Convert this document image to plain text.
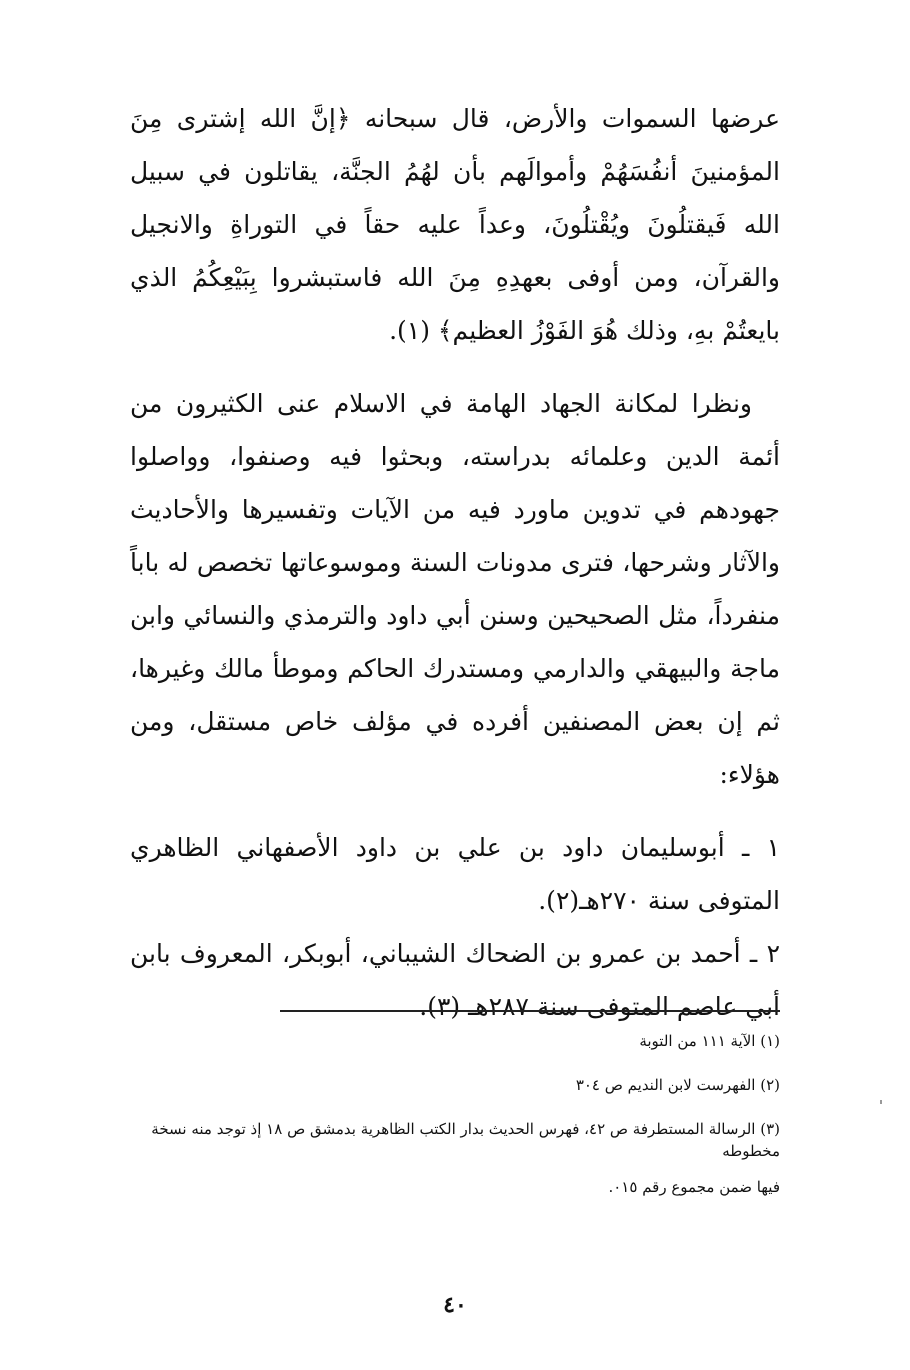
عرضها السموات والأرض، قال سبحانه ﴿إنَّ الله إشترى مِنَ المؤمنينَ أنفُسَهُمْ وأموالَهم بأن لهُمُ الجنَّة، يقاتلون في سبيل الله فَيقتلُونَ ويُقْتلُونَ، وعداً عليه حقاً في التوراةِ والانجيل والقرآن، ومن أوفى بعهدِهِ مِنَ الله فاستبشروا بِبَيْعِكُمُ الذي بايعتُمْ بهِ، وذلك هُوَ الفَوْزُ العظيم﴾ (١).

ونظرا لمكانة الجهاد الهامة في الاسلام عنى الكثيرون من أئمة الدين وعلمائه بدراسته، وبحثوا فيه وصنفوا، وواصلوا جهودهم في تدوين ماورد فيه من الآيات وتفسيرها والأحاديث والآثار وشرحها، فترى مدونات السنة وموسوعاتها تخصص له باباً منفرداً، مثل الصحيحين وسنن أبي داود والترمذي والنسائي وابن ماجة والبيهقي والدارمي ومستدرك الحاكم وموطأ مالك وغيرها، ثم إن بعض المصنفين أفرده في مؤلف خاص مستقل، ومن هؤلاء:

١ ـ أبوسليمان داود بن علي بن داود الأصفهاني الظاهري المتوفى سنة ٢٧٠هـ(٢).

٢ ـ أحمد بن عمرو بن الضحاك الشيباني، أبوبكر، المعروف بابن أبي عاصم المتوفى سنة ٢٨٧هـ (٣).

(١) الآية ١١١ من التوبة

(٢) الفهرست لابن النديم ص ٣٠٤

(٣) الرسالة المستطرفة ص ٤٢، فهرس الحديث بدار الكتب الظاهرية بدمشق ص ١٨ إذ توجد منه نسخة مخطوطه
فيها ضمن مجموع رقم ٠١٥.

٤٠
